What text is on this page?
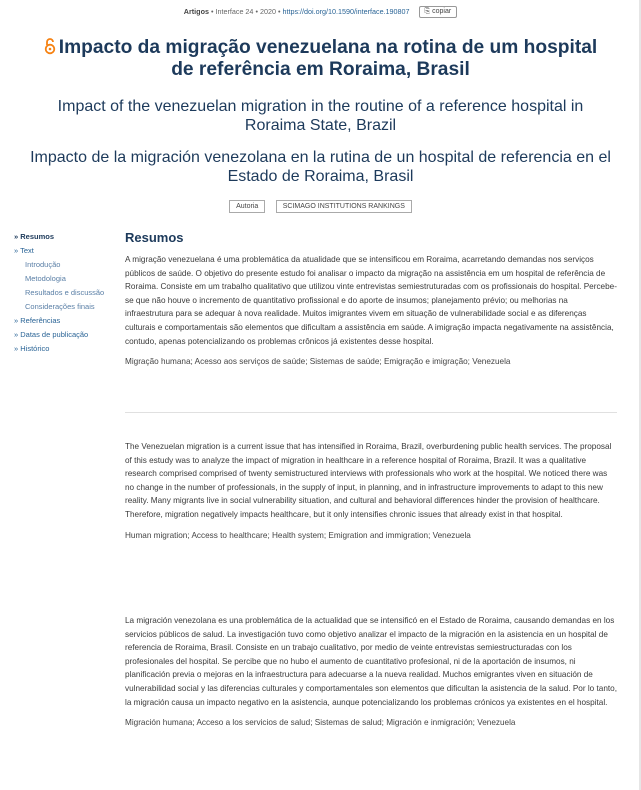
Artigos • Interface 24 • 2020 • https://doi.org/10.1590/interface.190807 ⎘ copiar
Impacto da migração venezuelana na rotina de um hospital de referência em Roraima, Brasil
Impact of the venezuelan migration in the routine of a reference hospital in Roraima State, Brazil
Impacto de la migración venezolana en la rutina de un hospital de referencia en el Estado de Roraima, Brasil
Autoria	SCIMAGO INSTITUTIONS RANKINGS
» Resumos
» Text
Introdução
Metodologia
Resultados e discussão
Considerações finais
» Referências
» Datas de publicação
» Histórico
Resumos

A migração venezuelana é uma problemática da atualidade que se intensificou em Roraima, acarretando demandas nos serviços públicos de saúde. O objetivo do presente estudo foi analisar o impacto da migração na assistência em um hospital de referência de Roraima. Consiste em um trabalho qualitativo que utilizou vinte entrevistas semiestruturadas com os profissionais do hospital. Percebe-se que não houve o incremento de quantitativo profissional e do aporte de insumos; planejamento prévio; ou melhorias na infraestrutura para se adequar à nova realidade. Muitos imigrantes vivem em situação de vulnerabilidade social e as diferenças culturais e comportamentais são elementos que dificultam a assistência em saúde. A imigração impacta negativamente na assistência, contudo, apenas potencializando os problemas crônicos já existentes desse hospital.

Migração humana; Acesso aos serviços de saúde; Sistemas de saúde; Emigração e imigração; Venezuela

The Venezuelan migration is a current issue that has intensified in Roraima, Brazil, overburdening public health services. The proposal of this estudy was to analyze the impact of migration in healthcare in a reference hospital of Roraima, Brazil. It was a qualitative research comprised comprised of twenty semistructured interviews with professionals who work at the hospital. We noticed there was no change in the number of professionals, in the supply of input, in planning, and in infrastructure improvements to adapt to this new reality. Many migrants live in social vulnerability situation, and cultural and behavioral differences hinder the provision of healthcare. Therefore, migration negatively impacts healthcare, but it only intensifies chronic issues that already exist in that hospital.

Human migration; Access to healthcare; Health system; Emigration and immigration; Venezuela

La migración venezolana es una problemática de la actualidad que se intensificó en el Estado de Roraima, causando demandas en los servicios públicos de salud. La investigación tuvo como objetivo analizar el impacto de la migración en la asistencia en un hospital de referencia de Roraima, Brasil. Consiste en un trabajo cualitativo, por medio de veinte entrevistas semiestructuradas con los profesionales del hospital. Se percibe que no hubo el aumento de cuantitativo profesional, ni de la aportación de insumos, ni planificación previa o mejoras en la infraestructura para adecuarse a la nueva realidad. Muchos emigrantes viven en situación de vulnerabilidad social y las diferencias culturales y comportamentales son elementos que dificultan la asistencia de la salud. Por lo tanto, la migración causa un impacto negativo en la asistencia, aunque potencializando los problemas crónicos ya existentes en el hospital.

Migración humana; Acceso a los servicios de salud; Sistemas de salud; Migración e inmigración; Venezuela
